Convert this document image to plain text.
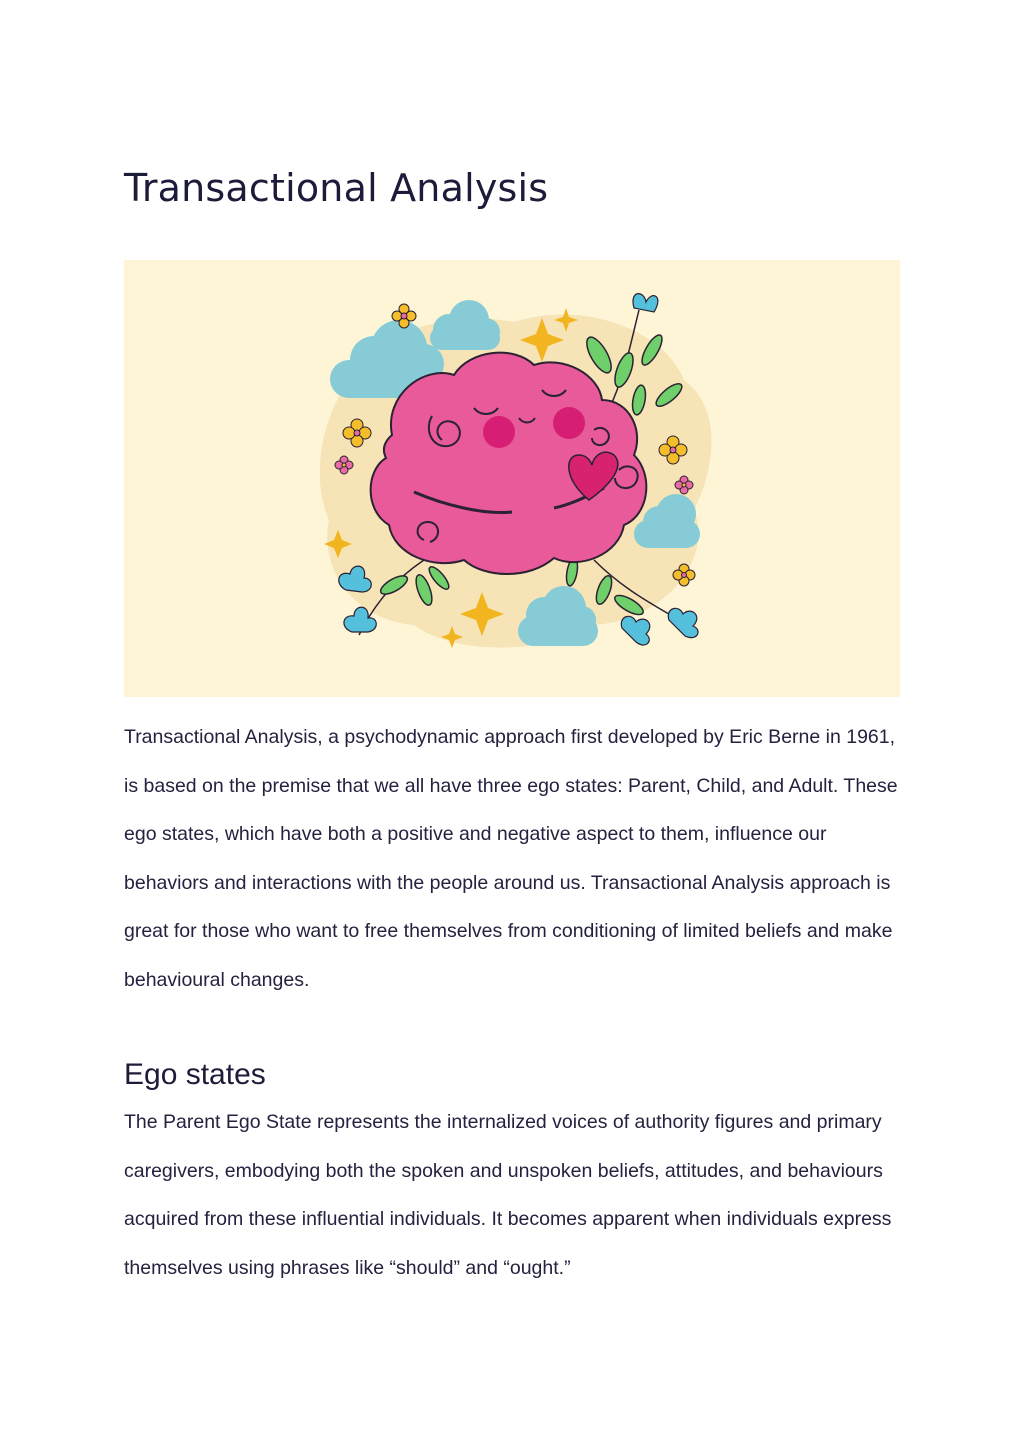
Transactional Analysis

Transactional Analysis, a psychodynamic approach first developed by Eric Berne in 1961, is based on the premise that we all have three ego states: Parent, Child, and Adult. These ego states, which have both a positive and negative aspect to them, influence our behaviors and interactions with the people around us. Transactional Analysis approach is great for those who want to free themselves from conditioning of limited beliefs and make behavioural changes.

Ego states

The Parent Ego State represents the internalized voices of authority figures and primary caregivers, embodying both the spoken and unspoken beliefs, attitudes, and behaviours acquired from these influential individuals. It becomes apparent when individuals express themselves using phrases like “should” and “ought.”
